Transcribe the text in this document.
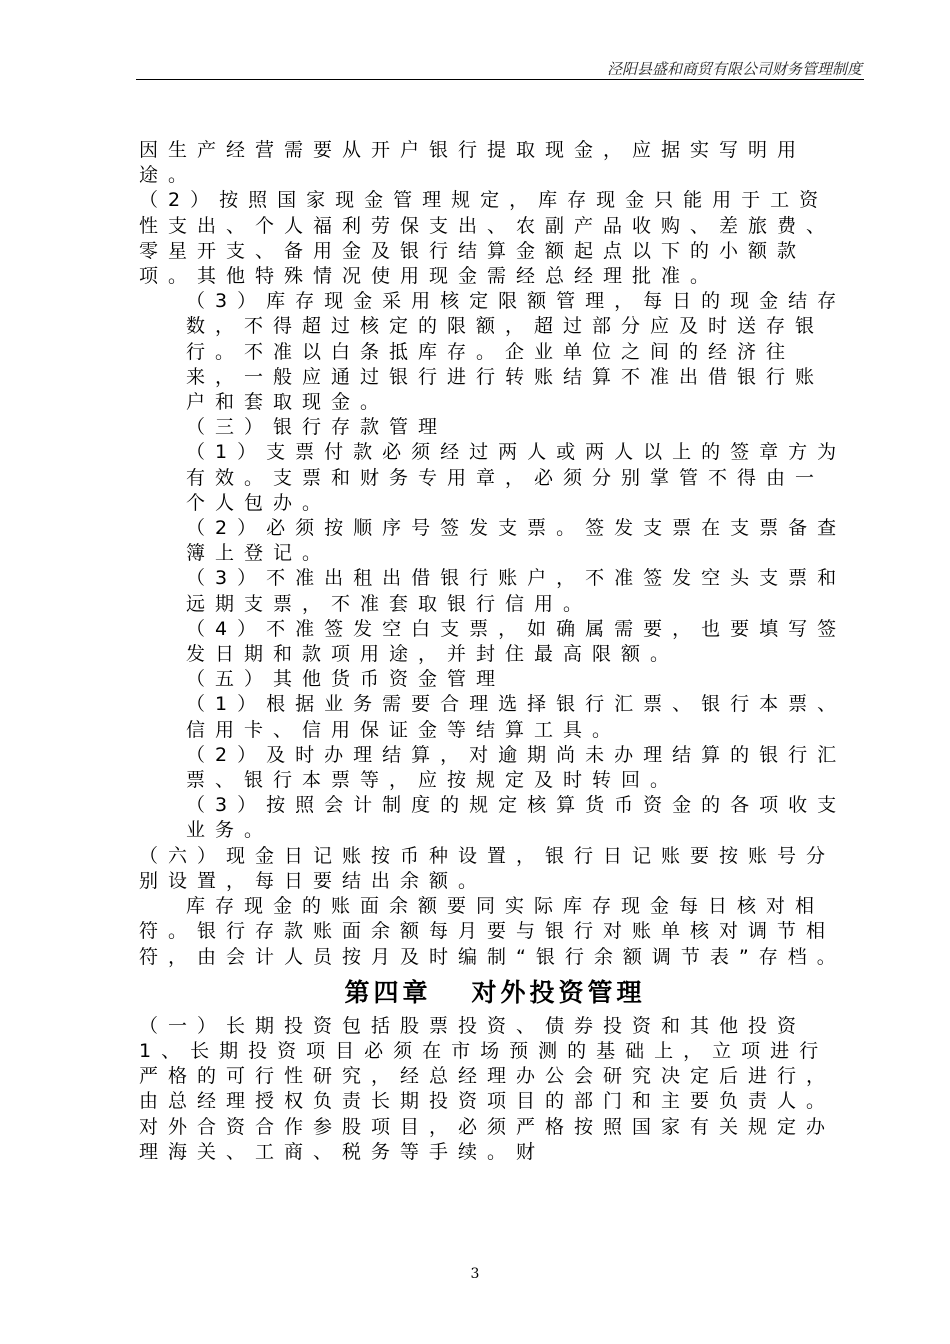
泾阳县盛和商贸有限公司财务管理制度

因生产经营需要从开户银行提取现金，应据实写明用途。

（2）按照国家现金管理规定，库存现金只能用于工资性支出、个人福利劳保支出、农副产品收购、差旅费、零星开支、备用金及银行结算金额起点以下的小额款项。其他特殊情况使用现金需经总经理批准。

（3）库存现金采用核定限额管理，每日的现金结存数，不得超过核定的限额，超过部分应及时送存银行。不准以白条抵库存。企业单位之间的经济往来，一般应通过银行进行转账结算不准出借银行账户和套取现金。

（三）银行存款管理

（1）支票付款必须经过两人或两人以上的签章方为有效。支票和财务专用章，必须分别掌管不得由一个人包办。

（2）必须按顺序号签发支票。签发支票在支票备查簿上登记。

（3）不准出租出借银行账户，不准签发空头支票和远期支票，不准套取银行信用。

（4）不准签发空白支票，如确属需要，也要填写签发日期和款项用途，并封住最高限额。

（五）其他货币资金管理

（1）根据业务需要合理选择银行汇票、银行本票、信用卡、信用保证金等结算工具。

（2）及时办理结算，对逾期尚未办理结算的银行汇票、银行本票等，应按规定及时转回。

（3）按照会计制度的规定核算货币资金的各项收支业务。

（六）现金日记账按币种设置，银行日记账要按账号分别设置，每日要结出余额。

库存现金的账面余额要同实际库存现金每日核对相符。银行存款账面余额每月要与银行对账单核对调节相符，由会计人员按月及时编制“银行余额调节表”存档。

第四章 对外投资管理

（一）长期投资包括股票投资、债券投资和其他投资

1、长期投资项目必须在市场预测的基础上，立项进行严格的可行性研究，经总经理办公会研究决定后进行，由总经理授权负责长期投资项目的部门和主要负责人。对外合资合作参股项目，必须严格按照国家有关规定办理海关、工商、税务等手续。财

3
